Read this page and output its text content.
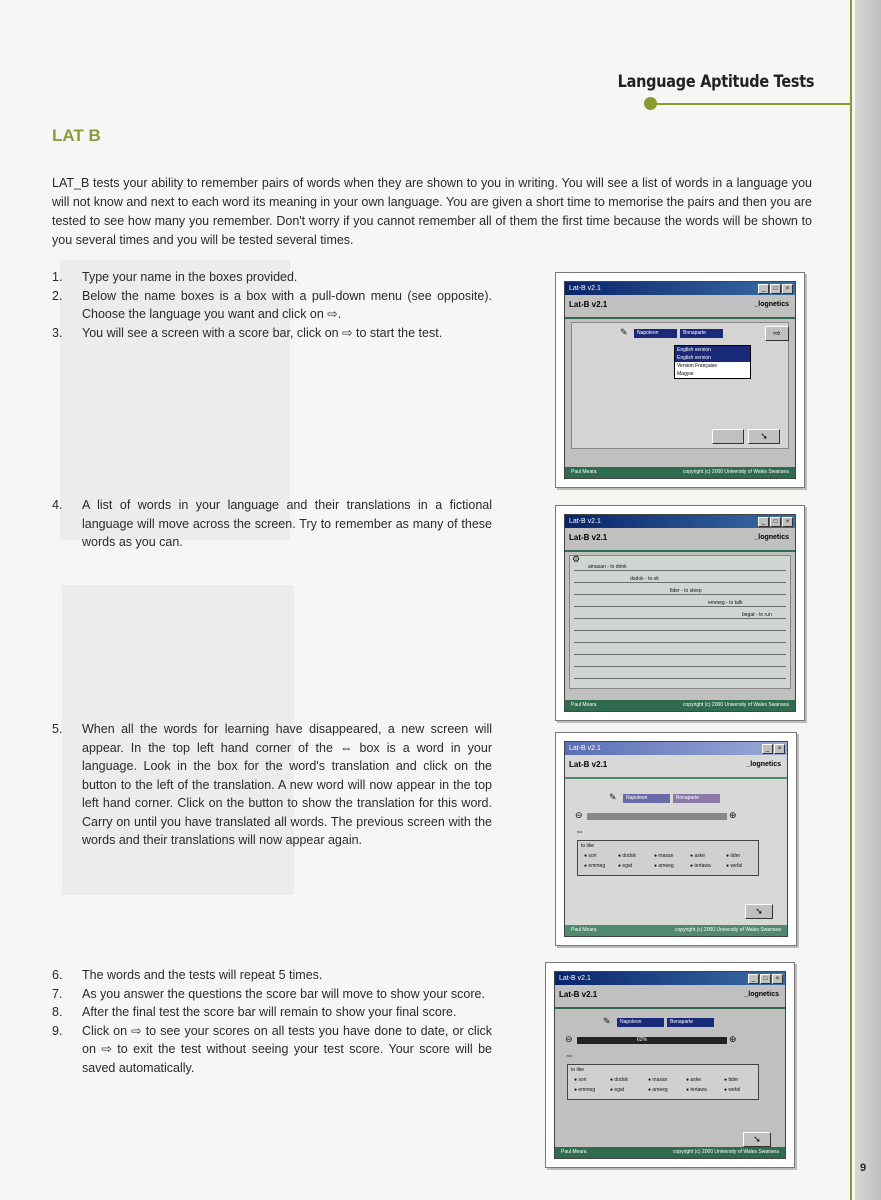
Language Aptitude Tests
LAT B
LAT_B tests your ability to remember pairs of words when they are shown to you in writing. You will see a list of words in a language you will not know and next to each word its meaning in your own language. You are given a short time to memorise the pairs and then you are tested to see how many you remember. Don't worry if you cannot remember all of them the first time because the words will be shown to you several times and you will be tested several times.
1.	Type your name in the boxes provided.
2.	Below the name boxes is a box with a pull-down menu (see opposite). Choose the language you want and click on ⇨.
3.	You will see a screen with a score bar, click on ⇨ to start the test.
4.	A list of words in your language and their translations in a fictional language will move across the screen. Try to remember as many of these words as you can.
5.	When all the words for learning have disappeared, a new screen will appear. In the top left hand corner of the ⇔ box is a word in your language. Look in the box for the word's translation and click on the button to the left of the translation. A new word will now appear in the top left hand corner. Click on the button to show the translation for this word. Carry on until you have translated all words. The previous screen with the words and their translations will now appear again.
6.	The words and the tests will repeat 5 times.
7.	As you answer the questions the score bar will move to show your score.
8.	After the final test the score bar will remain to show your final score.
9.	Click on ⇨ to see your scores on all tests you have done to date, or click on ⇨ to exit the test without seeing your test score. Your score will be saved automatically.
Lat-B v2.1	_	□	×
Lat-B v2.1	_lognetics
✎	Napoleon	Bonaparte	⇨
English version
English version
Version Française
Magyar
➘
Paul Meara	copyright (c) 2000 University of Wales Swansea
Lat-B v2.1	_	□	×
Lat-B v2.1	_lognetics
⚙
amasan - to drink
dodok - to sit
fider - to sleep
emmeg - to talk
begat - to run
Paul Meara	copyright (c) 2000 University of Wales Swansea
Lat-B v2.1	_	×
Lat-B v2.1	_lognetics
✎	Napoleon	Bonaparte
⊖	⊕
⇔
to like
● sori	● dodok	● masan	● aske	● tider
● emmeg	● egat	● ameeg	● tertawa	● wefal
➘
Paul Meara	copyright (c) 2000 University of Wales Swansea
Lat-B v2.1	_	□	×
Lat-B v2.1	_lognetics
✎	Napoleon	Bonaparte
⊖	62%	⊕
⇔
to like
● sori	● dodok	● masan	● aske	● tider
● emmeg	● egat	● ameeg	● tertawa	● wefal
➘
Paul Meara	copyright (c) 2000 University of Wales Swansea
9
